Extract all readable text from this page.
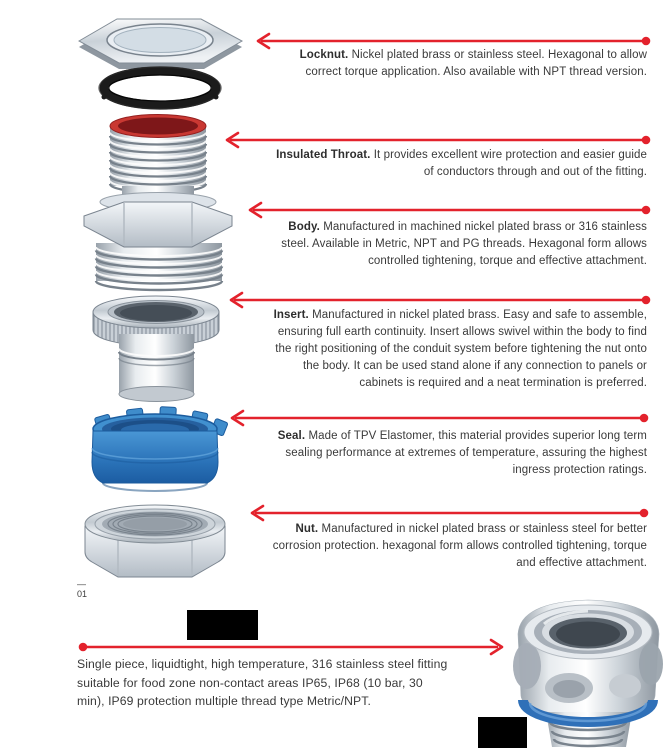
Locknut. Nickel plated brass or stainless steel. Hexagonal to allow correct torque application. Also available with NPT thread version.
Insulated Throat. It provides excellent wire protection and easier guide of conductors through and out of the fitting.
Body. Manufactured in machined nickel plated brass or 316 stainless steel. Available in Metric, NPT and PG threads. Hexagonal form allows controlled tightening, torque and effective attachment.
Insert. Manufactured in nickel plated brass. Easy and safe to assemble, ensuring full earth continuity. Insert allows swivel within the body to find the right positioning of the conduit system before tightening the nut onto the body. It can be used stand alone if any connection to panels or cabinets is required and a neat termination is preferred.
Seal. Made of TPV Elastomer, this material provides superior long term sealing performance at extremes of temperature, assuring the highest ingress protection ratings.
Nut. Manufactured in nickel plated brass or stainless steel for better corrosion protection. hexagonal form allows controlled tightening, torque and effective attachment.
—
01
Single piece, liquidtight, high temperature, 316 stainless steel fitting suitable for food zone non-contact areas IP65, IP68 (10 bar, 30 min), IP69 protection multiple thread type Metric/NPT.
